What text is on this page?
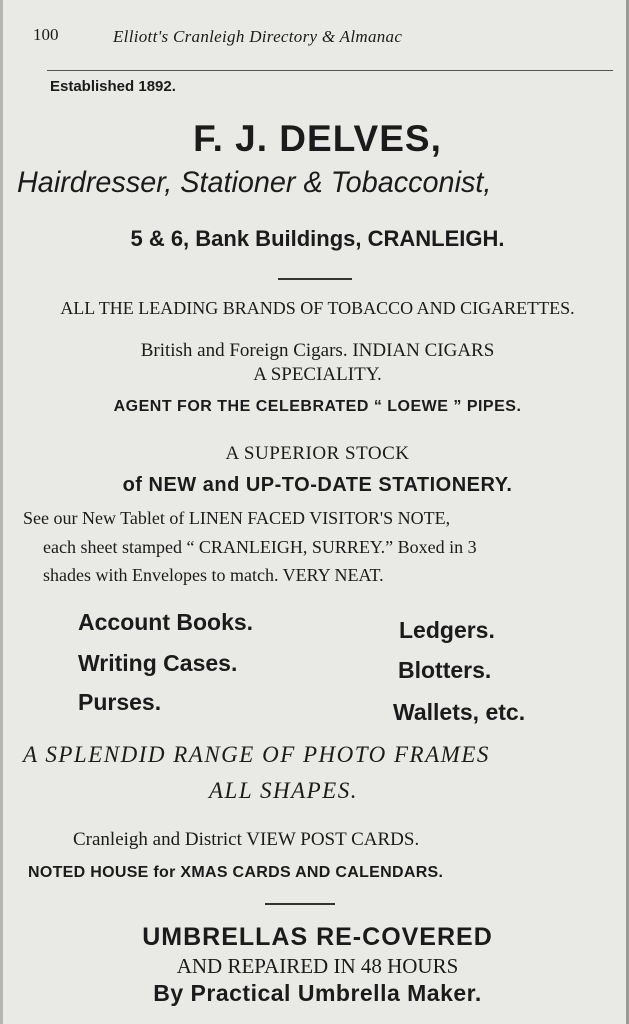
100	Elliott's Cranleigh Directory & Almanac
Established 1892.
F. J. DELVES,
Hairdresser, Stationer & Tobacconist,
5 & 6, Bank Buildings, CRANLEIGH.
ALL THE LEADING BRANDS OF TOBACCO AND CIGARETTES.
British and Foreign Cigars. INDIAN CIGARS
A SPECIALITY.
AGENT FOR THE CELEBRATED “ LOEWE ” PIPES.
A SUPERIOR STOCK
of NEW and UP-TO-DATE STATIONERY.
See our New Tablet of LINEN FACED VISITOR'S NOTE,
each sheet stamped “ CRANLEIGH, SURREY.” Boxed in 3
shades with Envelopes to match. VERY NEAT.
Account Books.
Writing Cases.
Purses.
Ledgers.
Blotters.
Wallets, etc.
A SPLENDID RANGE OF PHOTO FRAMES
ALL SHAPES.
Cranleigh and District VIEW POST CARDS.
NOTED HOUSE for XMAS CARDS AND CALENDARS.
UMBRELLAS RE-COVERED
AND REPAIRED IN 48 HOURS
By Practical Umbrella Maker.
